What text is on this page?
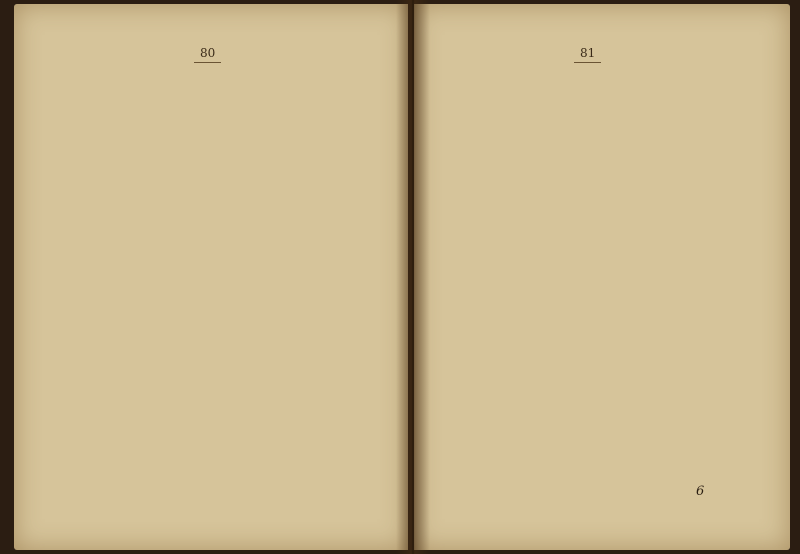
80	81

6
